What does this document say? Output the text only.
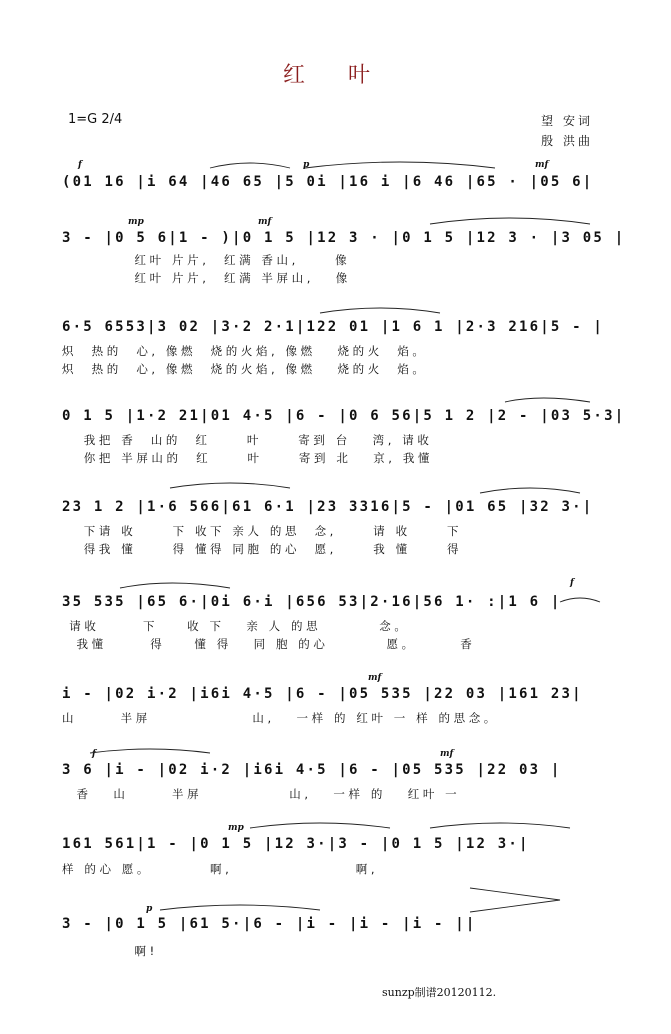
红 叶
1=G 2/4	望 安词
殷 洪曲
(01 16 |i 64 |46 65 |5 0i |16 i |6 46 |65 · |05 6|
3 - |0 5 6|1 - )|0 1 5 |12 3 · |0 1 5 |12 3 · |3 05 |
红叶 片片,  红满 香山,     像
红叶 片片,  红满 半屏山,   像
6·5 6553|3 02 |3·2 2·1|122 01 |1 6 1 |2·3 216|5 - |
炽  热的  心, 像燃  烧的火焰, 像燃   烧的火  焰。
炽  热的  心, 像燃  烧的火焰, 像燃   烧的火  焰。
0 1 5 |1·2 21|01 4·5 |6 - |0 6 56|5 1 2 |2 - |03 5·3|
我把 香  山的  红     叶     寄到 台   湾, 请收
你把 半屏山的  红     叶     寄到 北   京, 我懂
23 1 2 |1·6 566|61 6·1 |23 3316|5 - |01 65 |32 3·|
下请 收     下 收下 亲人 的思  念,     请 收     下
得我 懂     得 懂得 同胞 的心  愿,     我 懂     得
35 535 |65 6·|0i 6·i |656 53|2·16|56 1· :|1 6 |
请收      下    收 下   亲 人 的思        念。
我懂      得    懂 得   同 胞 的心        愿。      香
i - |02 i·2 |i6i 4·5 |6 - |05 535 |22 03 |161 23|
山      半屏              山,   一样 的 红叶 一 样 的思念。
3 6 |i - |02 i·2 |i6i 4·5 |6 - |05 535 |22 03 |
香   山      半屏            山,   一样 的   红叶 一
161 561|1 - |0 1 5 |12 3·|3 - |0 1 5 |12 3·|
样 的心 愿。        啊,                 啊,
3 - |0 1 5 |61 5·|6 - |i - |i - |i - ||
啊!
f	p	mf
mp	mf
mf
f	mf
f
mp
p
sunzp制谱20120112.
